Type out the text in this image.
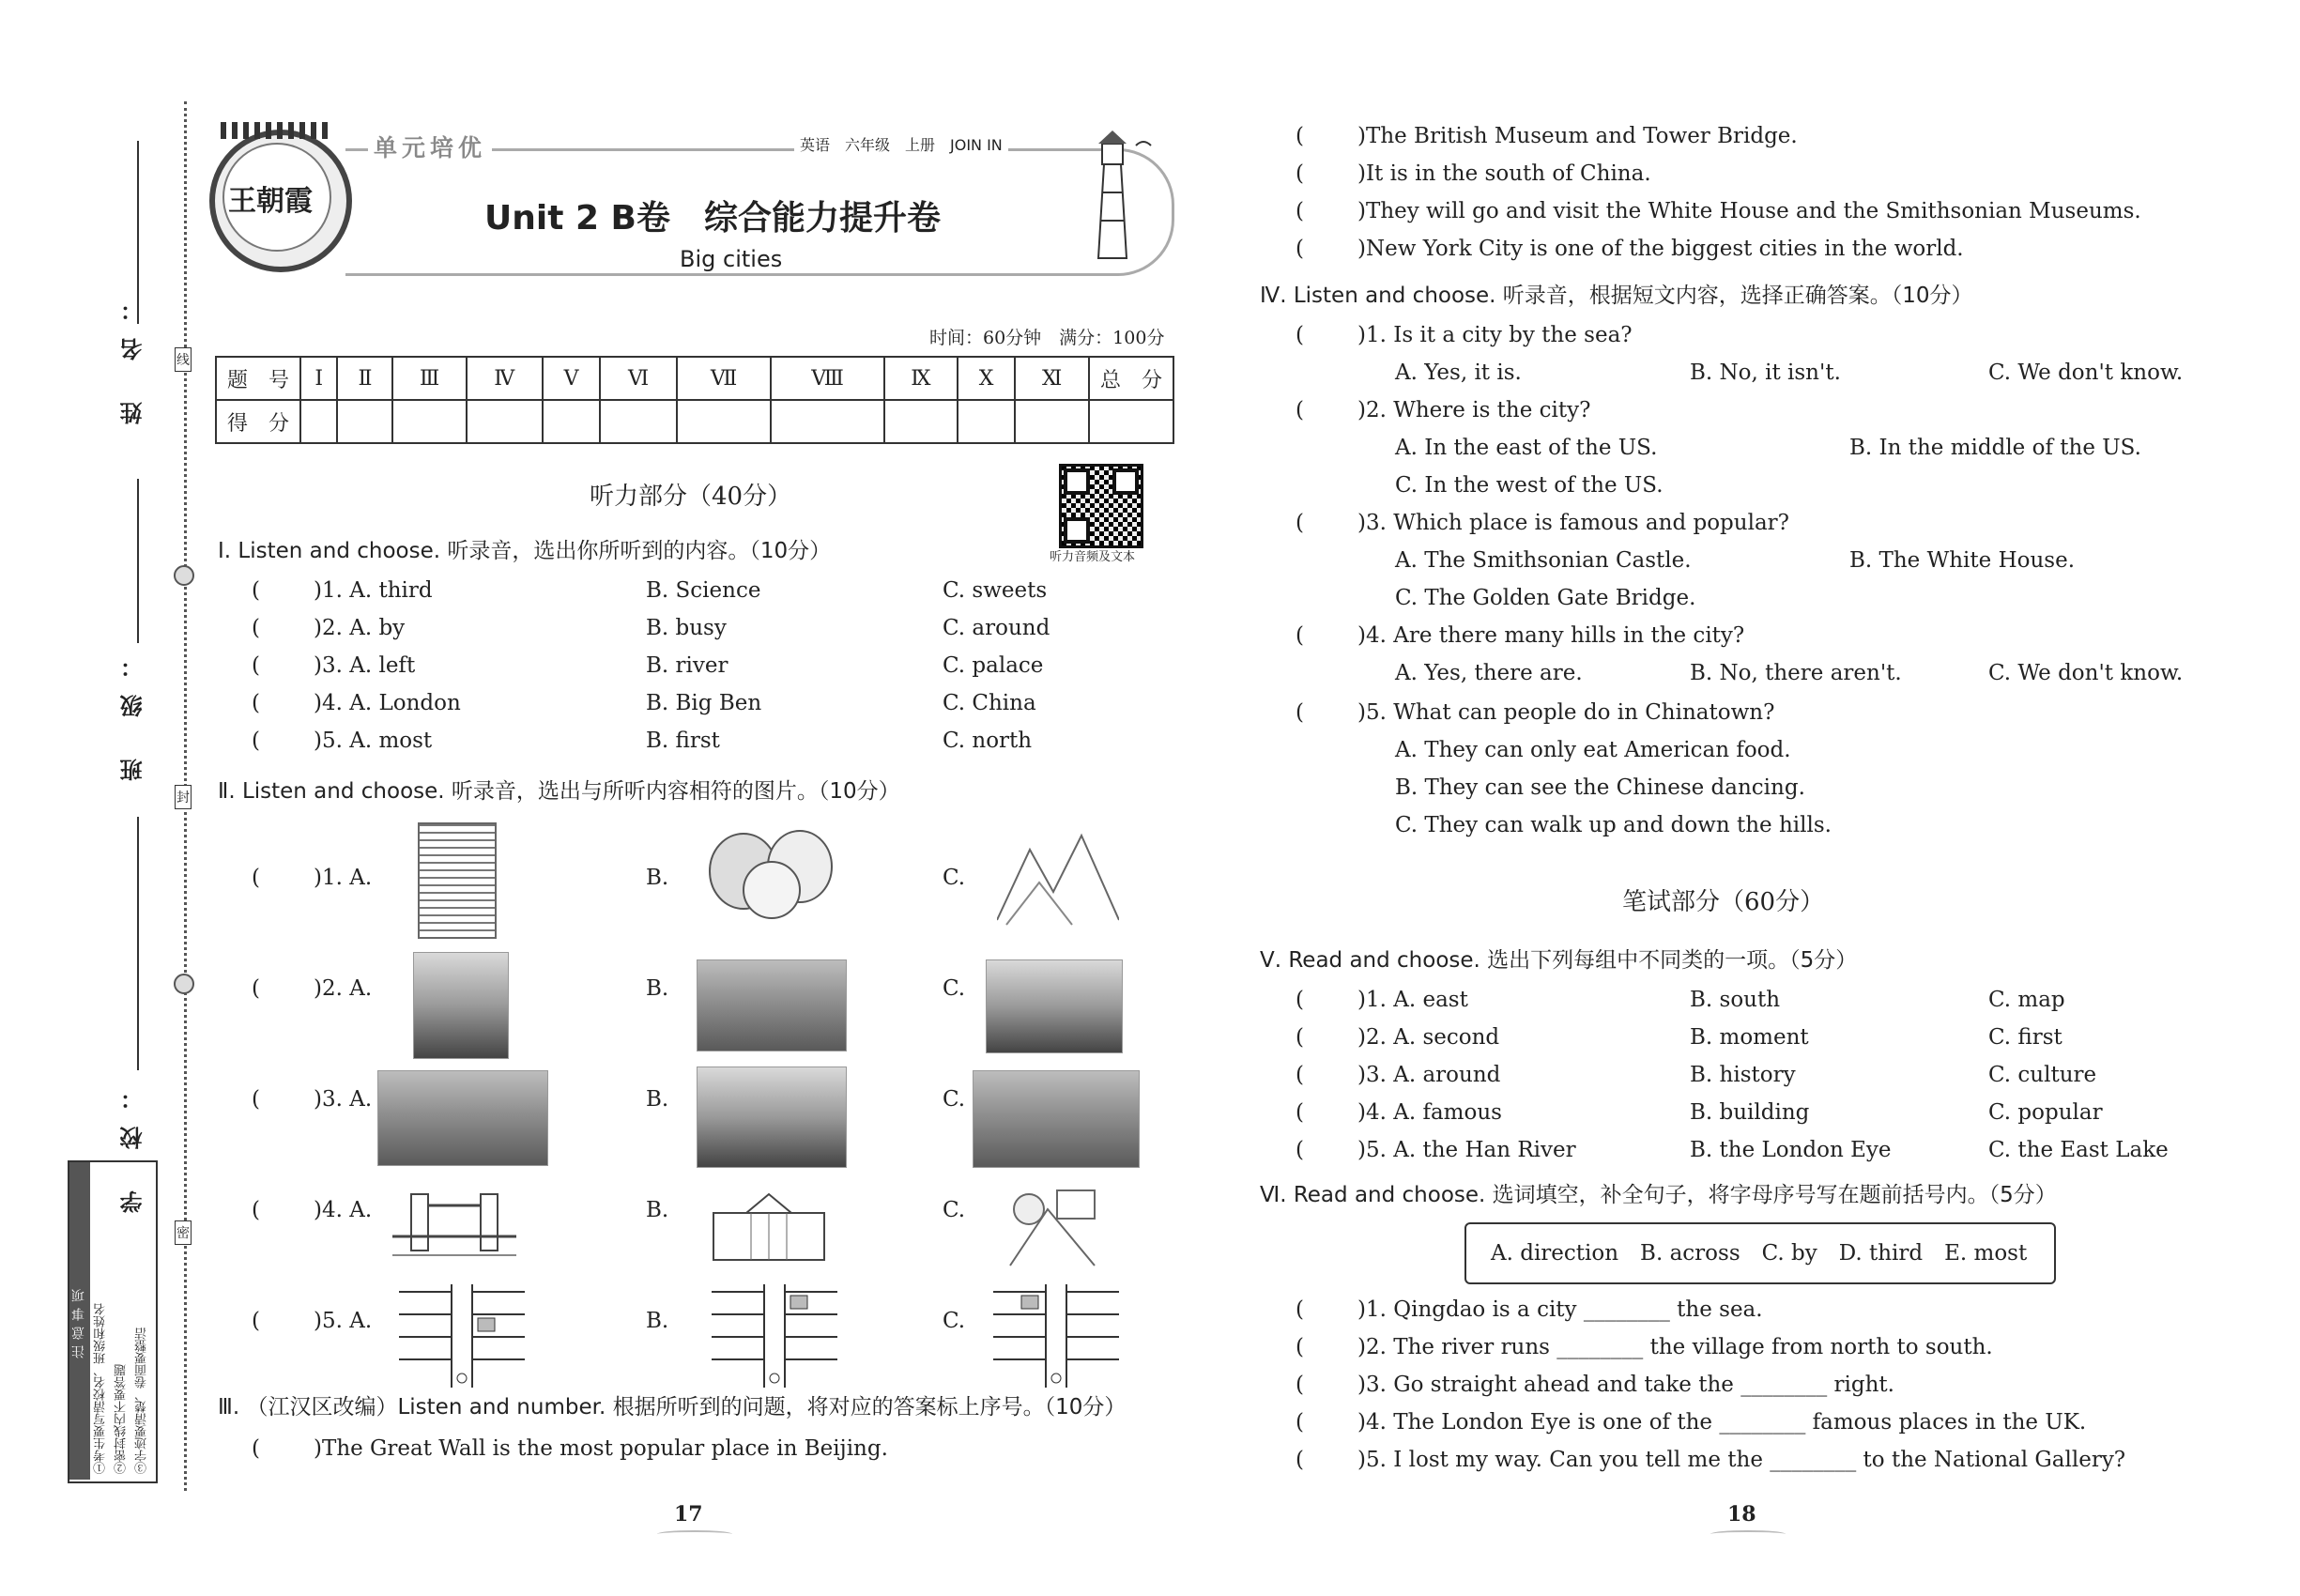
姓 名：
班 级：
学 校：
线
封
密
注意事项 ①考生要写清校名、班级和姓名 ②密封线内不要答题 ③字迹要清楚、卷面要整洁
王朝霞
单元培优	英语　六年级　上册　JOIN IN
Unit 2 B卷　综合能力提升卷
Big cities
时间：60分钟　满分：100分
题　号	Ⅰ	Ⅱ	Ⅲ	Ⅳ	Ⅴ	Ⅵ	Ⅶ	Ⅷ	Ⅸ	Ⅹ	Ⅺ	总　分
得　分												
听力部分（40分）
听力音频及文本
Ⅰ. Listen and choose. 听录音，选出你所听到的内容。（10分）
( )1. A. third	B. Science	C. sweets
( )2. A. by	B. busy	C. around
( )3. A. left	B. river	C. palace
( )4. A. London	B. Big Ben	C. China
( )5. A. most	B. first	C. north
Ⅱ. Listen and choose. 听录音，选出与所听内容相符的图片。（10分）
( )1. A.	B.	C.
( )2. A.	B.	C.
( )3. A.	B.	C.
( )4. A.	B.	C.
( )5. A.	B.	C.
Ⅲ. （江汉区改编）Listen and number. 根据所听到的问题，将对应的答案标上序号。（10分）
( )The Great Wall is the most popular place in Beijing.
17
( )The British Museum and Tower Bridge.
( )It is in the south of China.
( )They will go and visit the White House and the Smithsonian Museums.
( )New York City is one of the biggest cities in the world.
Ⅳ. Listen and choose. 听录音，根据短文内容，选择正确答案。（10分）
( )1. Is it a city by the sea?
A. Yes, it is.	B. No, it isn't.	C. We don't know.
( )2. Where is the city?
A. In the east of the US.	B. In the middle of the US.
C. In the west of the US.
( )3. Which place is famous and popular?
A. The Smithsonian Castle.	B. The White House.
C. The Golden Gate Bridge.
( )4. Are there many hills in the city?
A. Yes, there are.	B. No, there aren't.	C. We don't know.
( )5. What can people do in Chinatown?
A. They can only eat American food.
B. They can see the Chinese dancing.
C. They can walk up and down the hills.
笔试部分（60分）
Ⅴ. Read and choose. 选出下列每组中不同类的一项。（5分）
( )1. A. east	B. south	C. map
( )2. A. second	B. moment	C. first
( )3. A. around	B. history	C. culture
( )4. A. famous	B. building	C. popular
( )5. A. the Han River	B. the London Eye	C. the East Lake
Ⅵ. Read and choose. 选词填空，补全句子，将字母序号写在题前括号内。（5分）
A. direction　B. across　C. by　D. third　E. most
( )1. Qingdao is a city ________ the sea.
( )2. The river runs ________ the village from north to south.
( )3. Go straight ahead and take the ________ right.
( )4. The London Eye is one of the ________ famous places in the UK.
( )5. I lost my way. Can you tell me the ________ to the National Gallery?
18
